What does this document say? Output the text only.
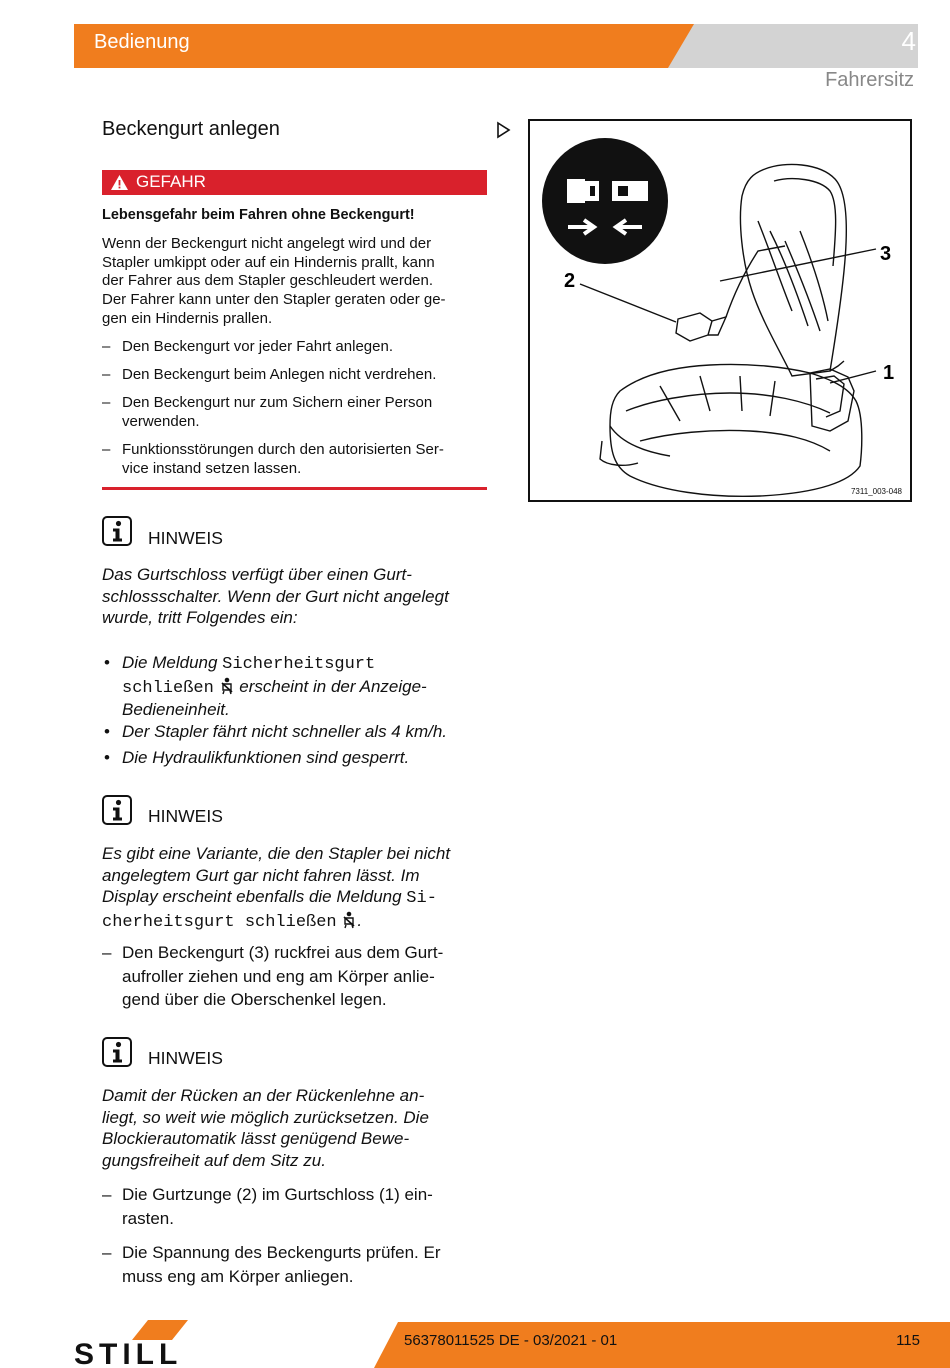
Bedienung	4
Fahrersitz
Beckengurt anlegen
GEFAHR
Lebensgefahr beim Fahren ohne Beckengurt!
Wenn der Beckengurt nicht angelegt wird und der
Stapler umkippt oder auf ein Hindernis prallt, kann
der Fahrer aus dem Stapler geschleudert werden.
Der Fahrer kann unter den Stapler geraten oder ge-
gen ein Hindernis prallen.
– Den Beckengurt vor jeder Fahrt anlegen.
– Den Beckengurt beim Anlegen nicht verdrehen.
– Den Beckengurt nur zum Sichern einer Person
verwenden.
– Funktionsstörungen durch den autorisierten Ser-
vice instand setzen lassen.
HINWEIS
Das Gurtschloss verfügt über einen Gurt-
schlossschalter. Wenn der Gurt nicht angelegt
wurde, tritt Folgendes ein:
• Die Meldung Sicherheitsgurt
schließen  erscheint in der Anzeige-
Bedieneinheit.
• Der Stapler fährt nicht schneller als 4 km/h.
• Die Hydraulikfunktionen sind gesperrt.
HINWEIS
Es gibt eine Variante, die den Stapler bei nicht
angelegtem Gurt gar nicht fahren lässt. Im
Display erscheint ebenfalls die Meldung Si-
cherheitsgurt schließen .
– Den Beckengurt (3) ruckfrei aus dem Gurt-
aufroller ziehen und eng am Körper anlie-
gend über die Oberschenkel legen.
HINWEIS
Damit der Rücken an der Rückenlehne an-
liegt, so weit wie möglich zurücksetzen. Die
Blockierautomatik lässt genügend Bewe-
gungsfreiheit auf dem Sitz zu.
– Die Gurtzunge (2) im Gurtschloss (1) ein-
rasten.
– Die Spannung des Beckengurts prüfen. Er
muss eng am Körper anliegen.
2
3
1
7311_003-048
STILL	56378011525 DE - 03/2021 - 01	115
